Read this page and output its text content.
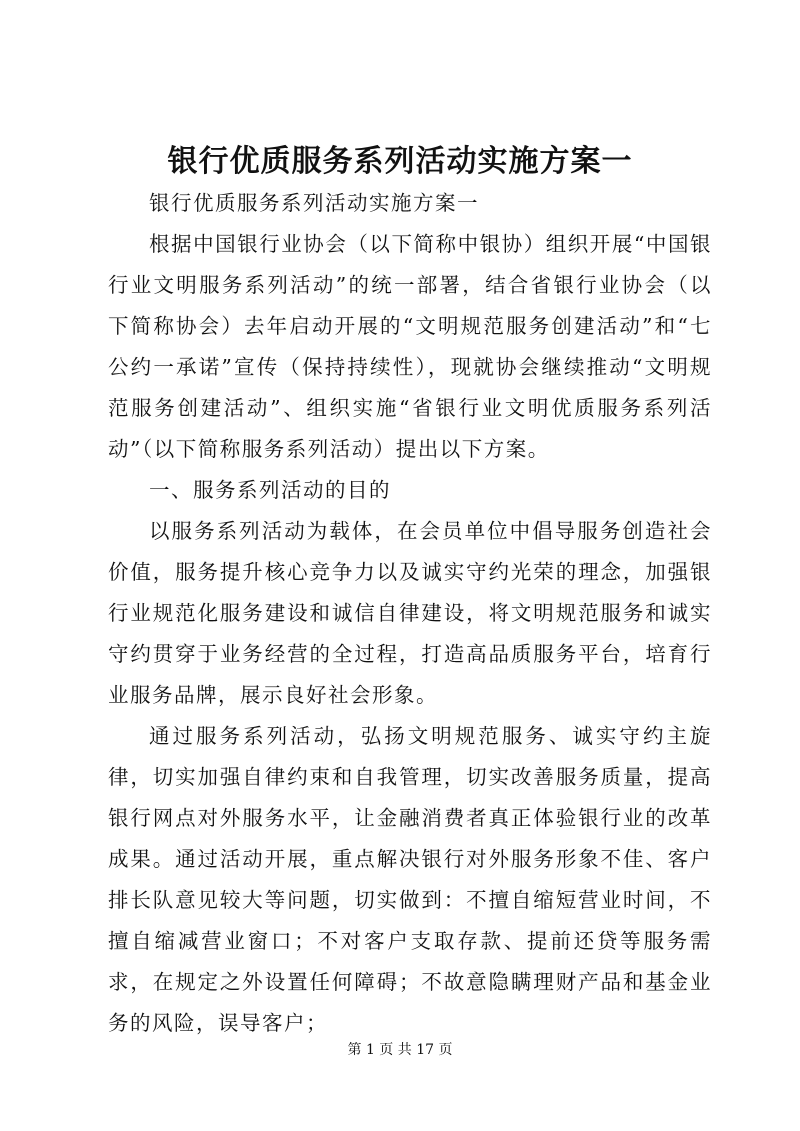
银行优质服务系列活动实施方案一

银行优质服务系列活动实施方案一

根据中国银行业协会（以下简称中银协）组织开展“中国银行业文明服务系列活动”的统一部署，结合省银行业协会（以下简称协会）去年启动开展的“文明规范服务创建活动”和“七公约一承诺”宣传（保持持续性），现就协会继续推动“文明规范服务创建活动”、组织实施“省银行业文明优质服务系列活动”（以下简称服务系列活动）提出以下方案。

一、服务系列活动的目的

以服务系列活动为载体，在会员单位中倡导服务创造社会价值，服务提升核心竞争力以及诚实守约光荣的理念，加强银行业规范化服务建设和诚信自律建设，将文明规范服务和诚实守约贯穿于业务经营的全过程，打造高品质服务平台，培育行业服务品牌，展示良好社会形象。

通过服务系列活动，弘扬文明规范服务、诚实守约主旋律，切实加强自律约束和自我管理，切实改善服务质量，提高银行网点对外服务水平，让金融消费者真正体验银行业的改革成果。通过活动开展，重点解决银行对外服务形象不佳、客户排长队意见较大等问题，切实做到：不擅自缩短营业时间，不擅自缩减营业窗口；不对客户支取存款、提前还贷等服务需求，在规定之外设置任何障碍；不故意隐瞒理财产品和基金业务的风险，误导客户；

第 1 页 共 17 页
